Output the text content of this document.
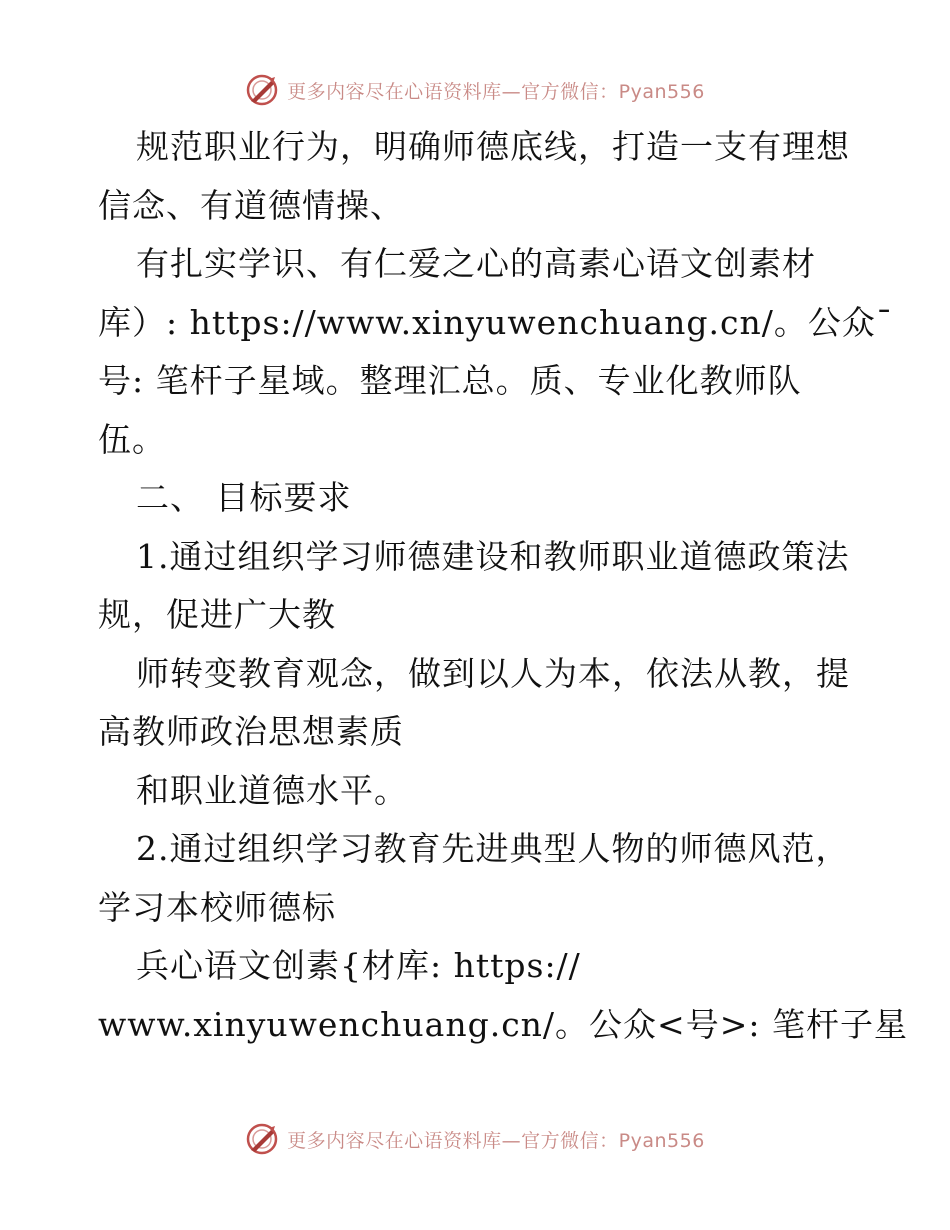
更多内容尽在心语资料库—官方微信：Pyan556
规范职业行为，明确师德底线，打造一支有理想
信念、有道德情操、
有扎实学识、有仁爱之心的高素心语文创素材
库）: https://www.xinyuwenchuang.cn/。公众¯
号: 笔杆子星域。整理汇总。质、专业化教师队
伍。
二、 目标要求
1.通过组织学习师德建设和教师职业道德政策法
规，促进广大教
师转变教育观念，做到以人为本，依法从教，提
高教师政治思想素质
和职业道德水平。
2.通过组织学习教育先进典型人物的师德风范，
学习本校师德标
兵心语文创素{材库: https://
www.xinyuwenchuang.cn/。公众<号>: 笔杆子星
更多内容尽在心语资料库—官方微信：Pyan556
